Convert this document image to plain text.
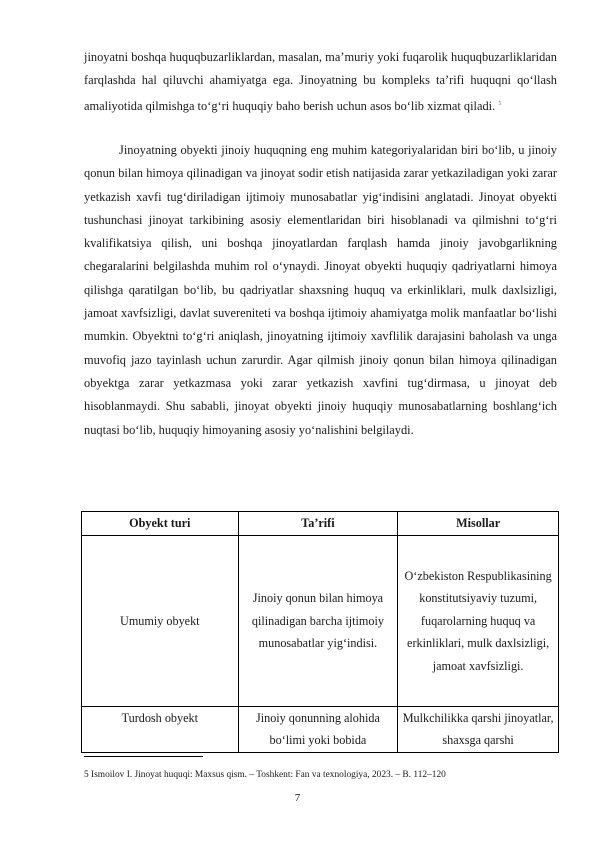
jinoyatni boshqa huquqbuzarliklardan, masalan, maʼmuriy yoki fuqarolik huquqbuzarliklaridan farqlashda hal qiluvchi ahamiyatga ega. Jinoyatning bu kompleks taʼrifi huquqni qoʻllash amaliyotida qilmishga toʻgʻri huquqiy baho berish uchun asos boʻlib xizmat qiladi. $^5$

Jinoyatning obyekti jinoiy huquqning eng muhim kategoriyalaridan biri boʻlib, u jinoiy qonun bilan himoya qilinadigan va jinoyat sodir etish natijasida zarar yetkaziladigan yoki zarar yetkazish xavfi tugʻdiriladigan ijtimoiy munosabatlar yigʻindisini anglatadi. Jinoyat obyekti tushunchasi jinoyat tarkibining asosiy elementlaridan biri hisoblanadi va qilmishni toʻgʻri kvalifikatsiya qilish, uni boshqa jinoyatlardan farqlash hamda jinoiy javobgarlikning chegaralarini belgilashda muhim rol oʻynaydi. Jinoyat obyekti huquqiy qadriyatlarni himoya qilishga qaratilgan boʻlib, bu qadriyatlar shaxsning huquq va erkinliklari, mulk daxlsizligi, jamoat xavfsizligi, davlat suvereniteti va boshqa ijtimoiy ahamiyatga molik manfaatlar boʻlishi mumkin. Obyektni toʻgʻri aniqlash, jinoyatning ijtimoiy xavflilik darajasini baholash va unga muvofiq jazo tayinlash uchun zarurdir. Agar qilmish jinoiy qonun bilan himoya qilinadigan obyektga zarar yetkazmasa yoki zarar yetkazish xavfini tugʻdirmasa, u jinoyat deb hisoblanmaydi. Shu sababli, jinoyat obyekti jinoiy huquqiy munosabatlarning boshlangʻich nuqtasi boʻlib, huquqiy himoyaning asosiy yoʻnalishini belgilaydi.

Obyekt turi	Taʼrifi	Misollar
Umumiy obyekt	Jinoiy qonun bilan himoya qilinadigan barcha ijtimoiy munosabatlar yigʻindisi.	Oʻzbekiston Respublikasining konstitutsiyaviy tuzumi, fuqarolarning huquq va erkinliklari, mulk daxlsizligi, jamoat xavfsizligi.
Turdosh obyekt	Jinoiy qonunning alohida boʻlimi yoki bobida	Mulkchilikka qarshi jinoyatlar, shaxsga qarshi
5 Ismoilov I. Jinoyat huquqi: Maxsus qism. – Toshkent: Fan va texnologiya, 2023. – B. 112–120
7
